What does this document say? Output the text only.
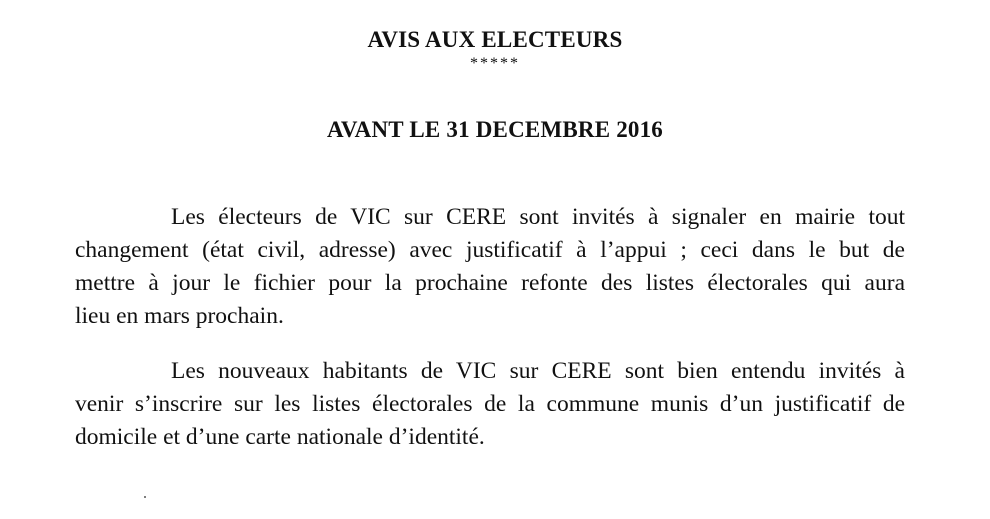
AVIS AUX ELECTEURS
*****
AVANT LE 31 DECEMBRE 2016

Les électeurs de VIC sur CERE sont invités à signaler en mairie tout
changement (état civil, adresse) avec justificatif à l’appui ; ceci dans le but de
mettre à jour le fichier pour la prochaine refonte des listes électorales qui aura
lieu en mars prochain.

Les nouveaux habitants de VIC sur CERE sont bien entendu invités à
venir s’inscrire sur les listes électorales de la commune munis d’un justificatif de
domicile et d’une carte nationale d’identité.
